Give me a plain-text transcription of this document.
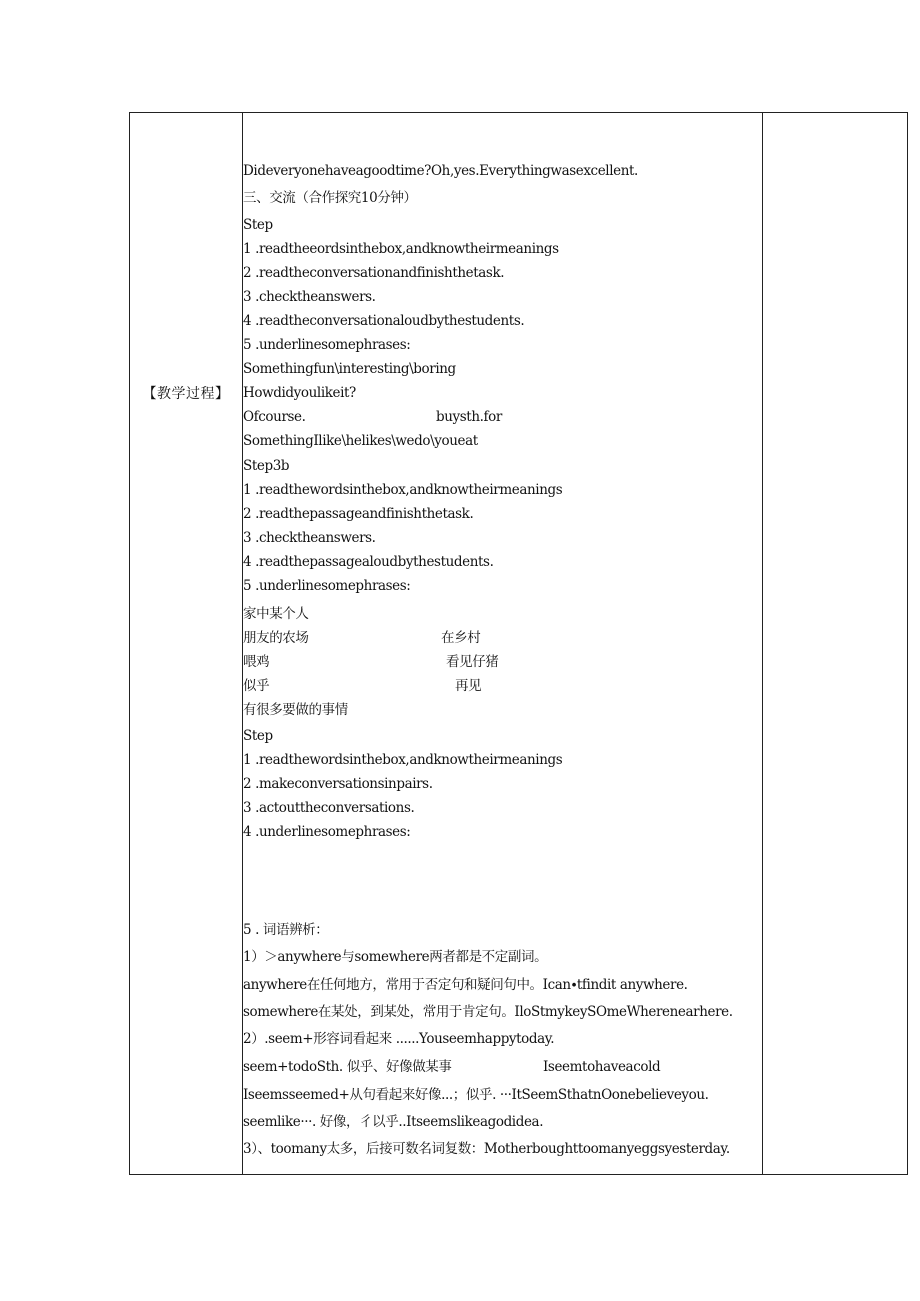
【教学过程】
Dideveryonehaveagoodtime?Oh,yes.Everythingwasexcellent.
三、交流（合作探究10分钟）
Step
1 .readtheeordsinthebox,andknowtheirmeanings
2 .readtheconversationandfinishthetask.
3 .checktheanswers.
4 .readtheconversationaloudbythestudents.
5 .underlinesomephrases:
Somethingfun\interesting\boring
Howdidyoulikeit?
Ofcourse.	buysth.for
SomethingIlike\helikes\wedo\youeat
Step3b
1 .readthewordsinthebox,andknowtheirmeanings
2 .readthepassageandfinishthetask.
3 .checktheanswers.
4 .readthepassagealoudbythestudents.
5 .underlinesomephrases:
家中某个人
朋友的农场	在乡村
喂鸡	看见仔猪
似乎	再见
有很多要做的事情
Step
1 .readthewordsinthebox,andknowtheirmeanings
2 .makeconversationsinpairs.
3 .actouttheconversations.
4 .underlinesomephrases:
5 . 词语辨析：
1）＞anywhere与somewhere两者都是不定副词。
anywhere在任何地方，常用于否定句和疑问句中。Ican∙tfindit anywhere.
somewhere在某处，到某处，常用于肯定句。IloStmykeySOmeWherenearhere.
2）.seem+形容词看起来 ......Youseemhappytoday.
seem+todoSth. 似乎、好像做某事	Iseemtohaveacold
Iseemsseemed+从句看起来好像...；似乎. ···ItSeemSthatnOonebelieveyou.
seemlike···. 好像，彳以乎..Itseemslikeagodidea.
3）、toomany太多，后接可数名词复数：Motherboughttoomanyeggsyesterday.
